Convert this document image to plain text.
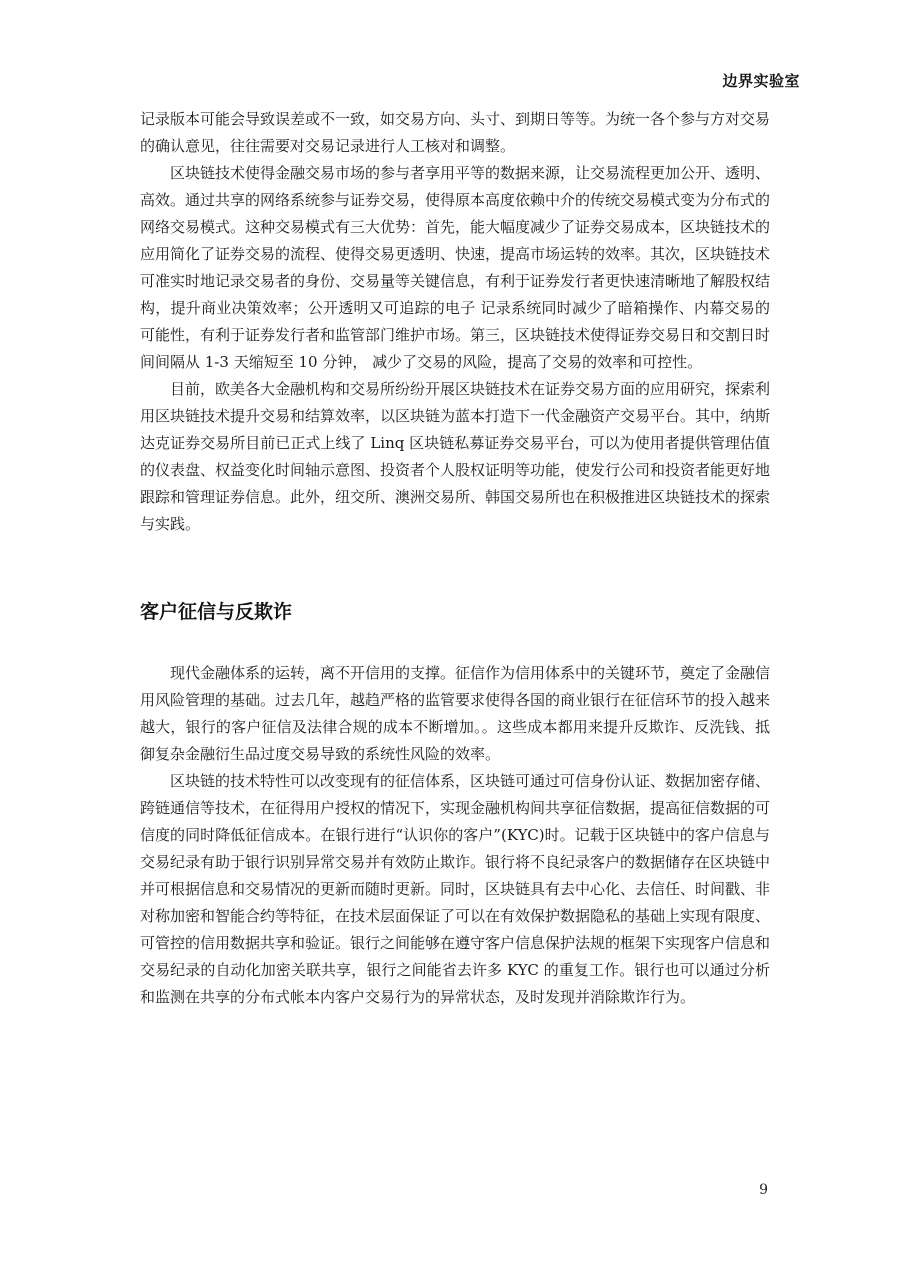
边界实验室

记录版本可能会导致误差或不一致，如交易方向、头寸、到期日等等。为统一各个参与方对交易的确认意见，往往需要对交易记录进行人工核对和调整。

区块链技术使得金融交易市场的参与者享用平等的数据来源，让交易流程更加公开、透明、高效。通过共享的网络系统参与证券交易，使得原本高度依赖中介的传统交易模式变为分布式的网络交易模式。这种交易模式有三大优势：首先，能大幅度减少了证券交易成本，区块链技术的应用简化了证券交易的流程、使得交易更透明、快速，提高市场运转的效率。其次，区块链技术可准实时地记录交易者的身份、交易量等关键信息，有利于证券发行者更快速清晰地了解股权结构，提升商业决策效率；公开透明又可追踪的电子 记录系统同时减少了暗箱操作、内幕交易的可能性，有利于证券发行者和监管部门维护市场。第三，区块链技术使得证券交易日和交割日时间间隔从 1-3 天缩短至 10 分钟， 减少了交易的风险，提高了交易的效率和可控性。

目前，欧美各大金融机构和交易所纷纷开展区块链技术在证券交易方面的应用研究，探索利用区块链技术提升交易和结算效率，以区块链为蓝本打造下一代金融资产交易平台。其中，纳斯达克证券交易所目前已正式上线了 Linq 区块链私募证券交易平台，可以为使用者提供管理估值的仪表盘、权益变化时间轴示意图、投资者个人股权证明等功能，使发行公司和投资者能更好地跟踪和管理证券信息。此外，纽交所、澳洲交易所、韩国交易所也在积极推进区块链技术的探索与实践。

客户征信与反欺诈

现代金融体系的运转，离不开信用的支撑。征信作为信用体系中的关键环节，奠定了金融信用风险管理的基础。过去几年，越趋严格的监管要求使得各国的商业银行在征信环节的投入越来越大，银行的客户征信及法律合规的成本不断增加。。这些成本都用来提升反欺诈、反洗钱、抵御复杂金融衍生品过度交易导致的系统性风险的效率。

区块链的技术特性可以改变现有的征信体系，区块链可通过可信身份认证、数据加密存储、跨链通信等技术，在征得用户授权的情况下，实现金融机构间共享征信数据，提高征信数据的可信度的同时降低征信成本。在银行进行“认识你的客户”(KYC)时。记载于区块链中的客户信息与交易纪录有助于银行识别异常交易并有效防止欺诈。银行将不良纪录客户的数据储存在区块链中并可根据信息和交易情况的更新而随时更新。同时，区块链具有去中心化、去信任、时间戳、非对称加密和智能合约等特征，在技术层面保证了可以在有效保护数据隐私的基础上实现有限度、可管控的信用数据共享和验证。银行之间能够在遵守客户信息保护法规的框架下实现客户信息和交易纪录的自动化加密关联共享，银行之间能省去许多 KYC 的重复工作。银行也可以通过分析和监测在共享的分布式帐本内客户交易行为的异常状态，及时发现并消除欺诈行为。

9
